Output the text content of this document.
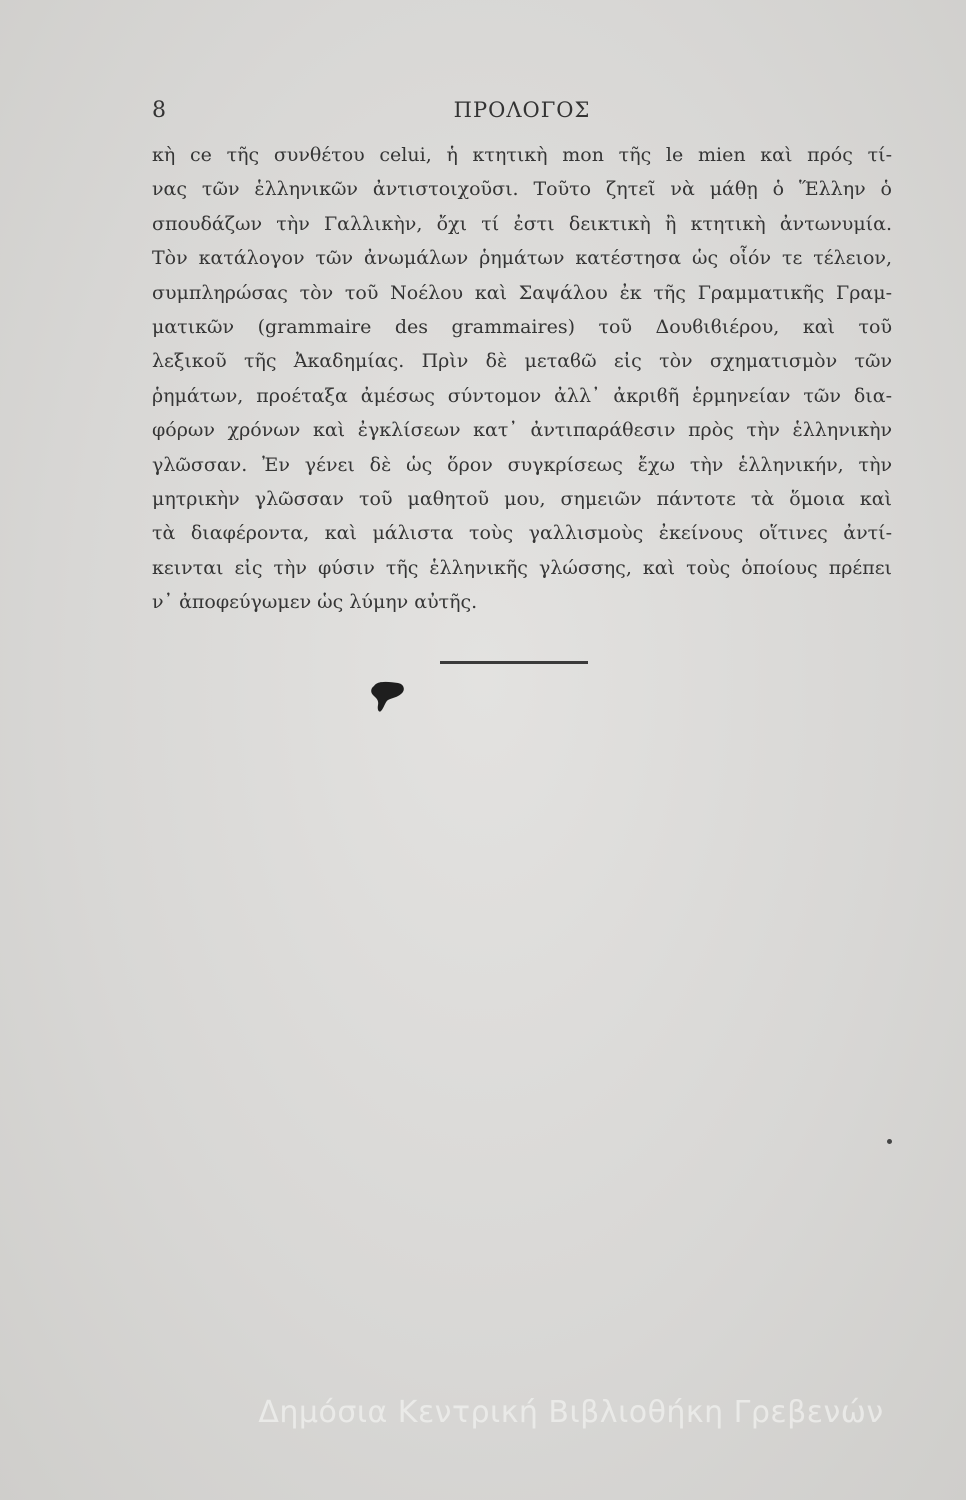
8	ΠΡΟΛΟΓΟΣ
κὴ ce τῆς συνθέτου celui, ἡ κτητικὴ mon τῆς le mien καὶ πρός τί-
νας τῶν ἑλληνικῶν ἀντιστοιχοῦσι. Τοῦτο ζητεῖ νὰ μάθῃ ὁ Ἕλλην ὁ
σπουδάζων τὴν Γαλλικὴν, ὄχι τί ἐστι δεικτικὴ ἢ κτητικὴ ἀντωνυμία.
Τὸν κατάλογον τῶν ἀνωμάλων ῥημάτων κατέστησα ὡς οἷόν τε τέλειον,
συμπληρώσας τὸν τοῦ Νοέλου καὶ Σαψάλου ἐκ τῆς Γραμματικῆς Γραμ-
ματικῶν (grammaire des grammaires) τοῦ Δουϐιϐιέρου, καὶ τοῦ
λεξικοῦ τῆς Ἀκαδημίας. Πρὶν δὲ μεταϐῶ εἰς τὸν σχηματισμὸν τῶν
ῥημάτων, προέταξα ἀμέσως σύντομον ἀλλ᾽ ἀκριϐῆ ἑρμηνείαν τῶν δια-
φόρων χρόνων καὶ ἐγκλίσεων κατ᾽ ἀντιπαράθεσιν πρὸς τὴν ἑλληνικὴν
γλῶσσαν. Ἐν γένει δὲ ὡς ὅρον συγκρίσεως ἔχω τὴν ἑλληνικήν, τὴν
μητρικὴν γλῶσσαν τοῦ μαθητοῦ μου, σημειῶν πάντοτε τὰ ὅμοια καὶ
τὰ διαφέροντα, καὶ μάλιστα τοὺς γαλλισμοὺς ἐκείνους οἵτινες ἀντί-
κεινται εἰς τὴν φύσιν τῆς ἑλληνικῆς γλώσσης, καὶ τοὺς ὁποίους πρέπει
ν᾽ ἀποφεύγωμεν ὡς λύμην αὐτῆς.
Δημόσια Κεντρική Βιβλιοθήκη Γρεβενών
